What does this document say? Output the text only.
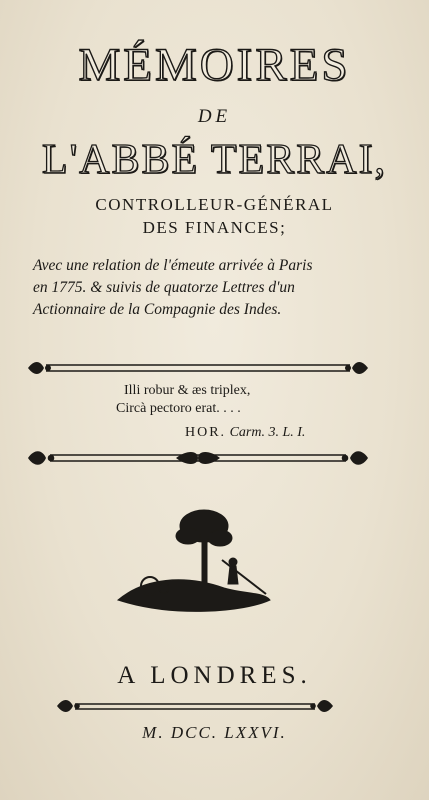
MÉMOIRES
DE
L'ABBÉ TERRAI,
CONTROLLEUR-GÉNÉRAL
DES FINANCES;
Avec une relation de l'émeute arrivée à Paris
en 1775. & suivis de quatorze Lettres d'un
Actionnaire de la Compagnie des Indes.
Illi robur & æs triplex,
Circà pectoro erat. . . .
HOR. Carm. 3. L. I.
A LONDRES.
M. DCC. LXXVI.
